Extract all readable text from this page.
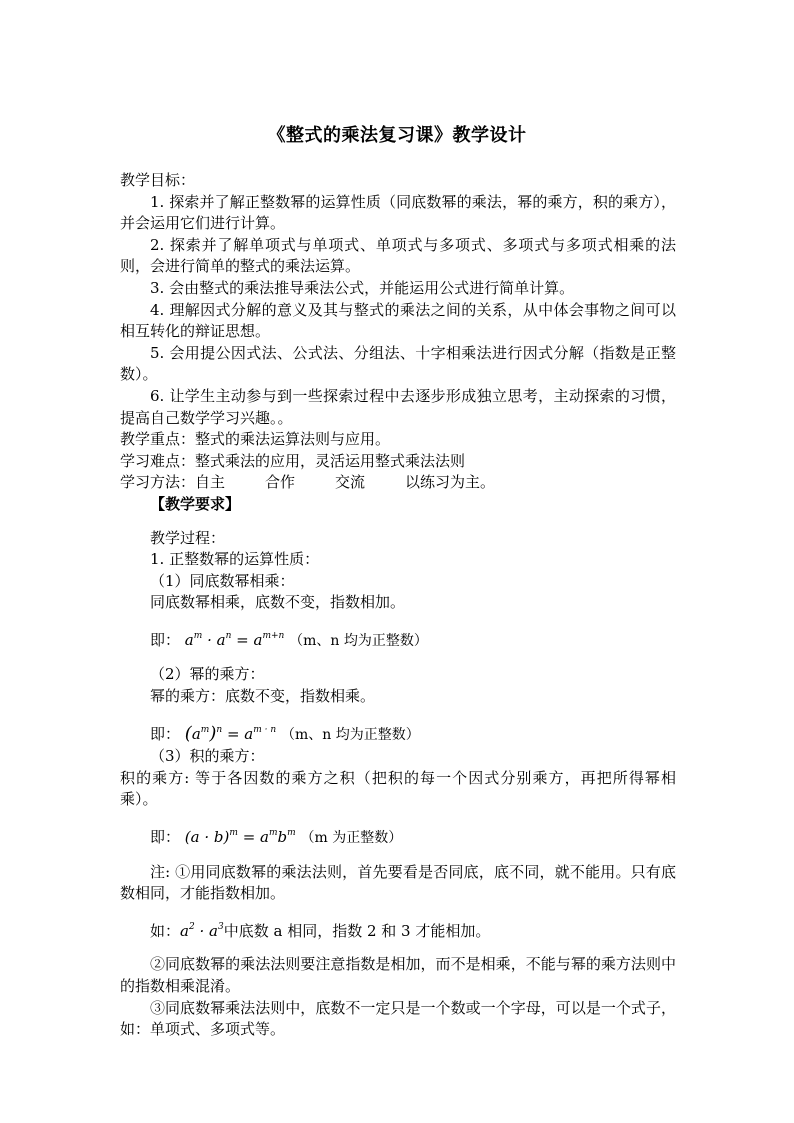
《整式的乘法复习课》教学设计

教学目标：

1. 探索并了解正整数幂的运算性质（同底数幂的乘法，幂的乘方，积的乘方），并会运用它们进行计算。

2. 探索并了解单项式与单项式、单项式与多项式、多项式与多项式相乘的法则，会进行简单的整式的乘法运算。

3. 会由整式的乘法推导乘法公式，并能运用公式进行简单计算。

4. 理解因式分解的意义及其与整式的乘法之间的关系，从中体会事物之间可以相互转化的辩证思想。

5. 会用提公因式法、公式法、分组法、十字相乘法进行因式分解（指数是正整数）。

6. 让学生主动参与到一些探索过程中去逐步形成独立思考，主动探索的习惯，提高自己数学学习兴趣。。

教学重点：整式的乘法运算法则与应用。

学习难点：整式乘法的应用，灵活运用整式乘法法则

学习方法：自主	合作	交流	以练习为主。

【教学要求】

教学过程：

1. 正整数幂的运算性质：

（1）同底数幂相乘：

同底数幂相乘，底数不变，指数相加。

即： $a^m \cdot a^n = a^{m+n}$ （m、n 均为正整数）

（2）幂的乘方：

幂的乘方：底数不变，指数相乘。

即： $(a^m)^n = a^{m \cdot n}$ （m、n 均为正整数）

（3）积的乘方：

积的乘方: 等于各因数的乘方之积（把积的每一个因式分别乘方，再把所得幂相乘）。

即： $(a \cdot b)^m = a^mb^m$ （m 为正整数）

注: ①用同底数幂的乘法法则，首先要看是否同底，底不同，就不能用。只有底数相同，才能指数相加。

如：$a^2 \cdot a^3$中底数 a 相同，指数 2 和 3 才能相加。

②同底数幂的乘法法则要注意指数是相加，而不是相乘，不能与幂的乘方法则中的指数相乘混淆。

③同底数幂乘法法则中，底数不一定只是一个数或一个字母，可以是一个式子，如：单项式、多项式等。
